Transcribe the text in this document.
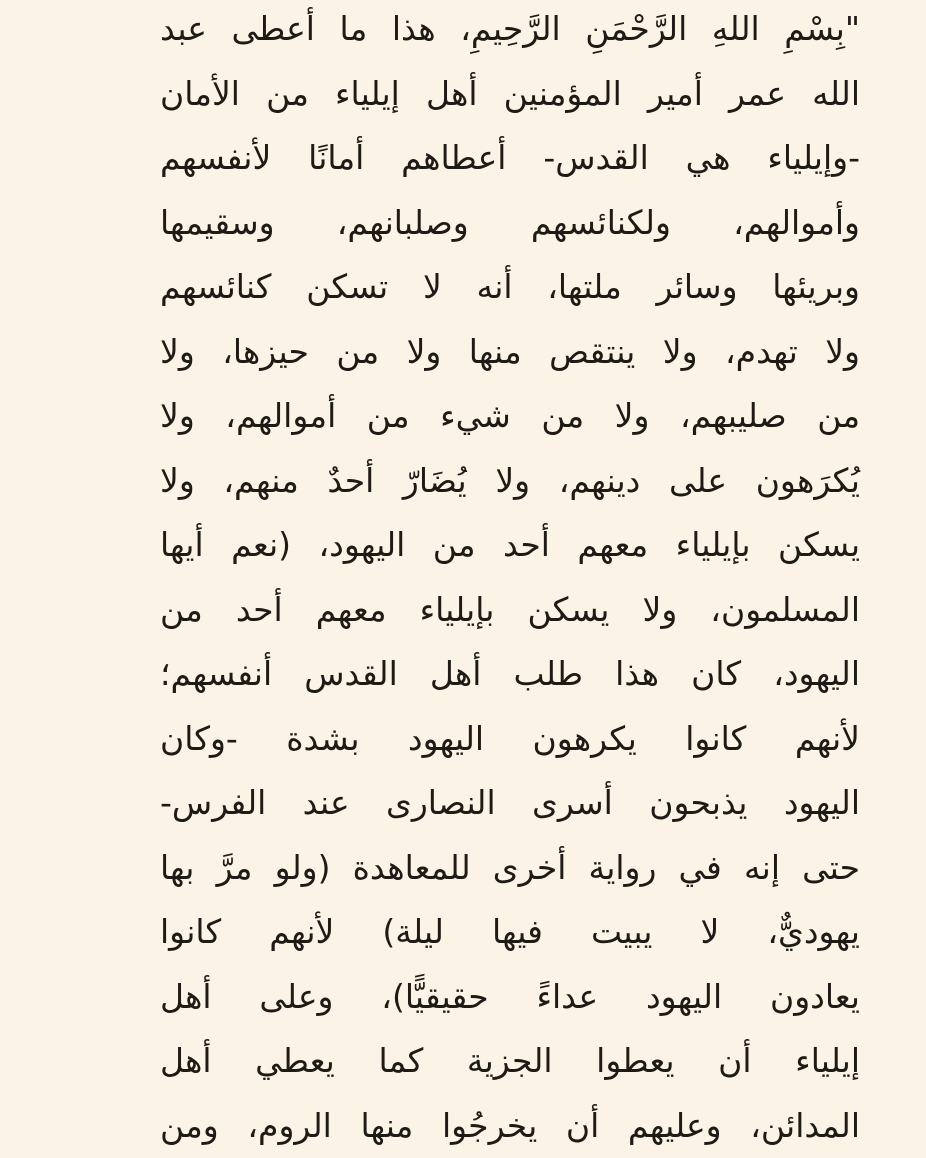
"بِسْمِ اللهِ الرَّحْمَنِ الرَّحِيمِ، هذا ما أعطى عبد
الله عمر أمير المؤمنين أهل إيلياء من الأمان
-وإيلياء هي القدس- أعطاهم أمانًا لأنفسهم
وأموالهم، ولكنائسهم وصلبانهم، وسقيمها
وبريئها وسائر ملتها، أنه لا تسكن كنائسهم
ولا تهدم، ولا ينتقص منها ولا من حيزها، ولا
من صليبهم، ولا من شيء من أموالهم، ولا
يُكرَهون على دينهم، ولا يُضَارّ أحدٌ منهم، ولا
يسكن بإيلياء معهم أحد من اليهود، (نعم أيها
المسلمون، ولا يسكن بإيلياء معهم أحد من
اليهود، كان هذا طلب أهل القدس أنفسهم؛
لأنهم كانوا يكرهون اليهود بشدة -وكان
اليهود يذبحون أسرى النصارى عند الفرس-
حتى إنه في رواية أخرى للمعاهدة (ولو مرَّ بها
يهوديٌّ، لا يبيت فيها ليلة) لأنهم كانوا
يعادون اليهود عداءً حقيقيًّا)، وعلى أهل
إيلياء أن يعطوا الجزية كما يعطي أهل
المدائن، وعليهم أن يخرجُوا منها الروم، ومن
